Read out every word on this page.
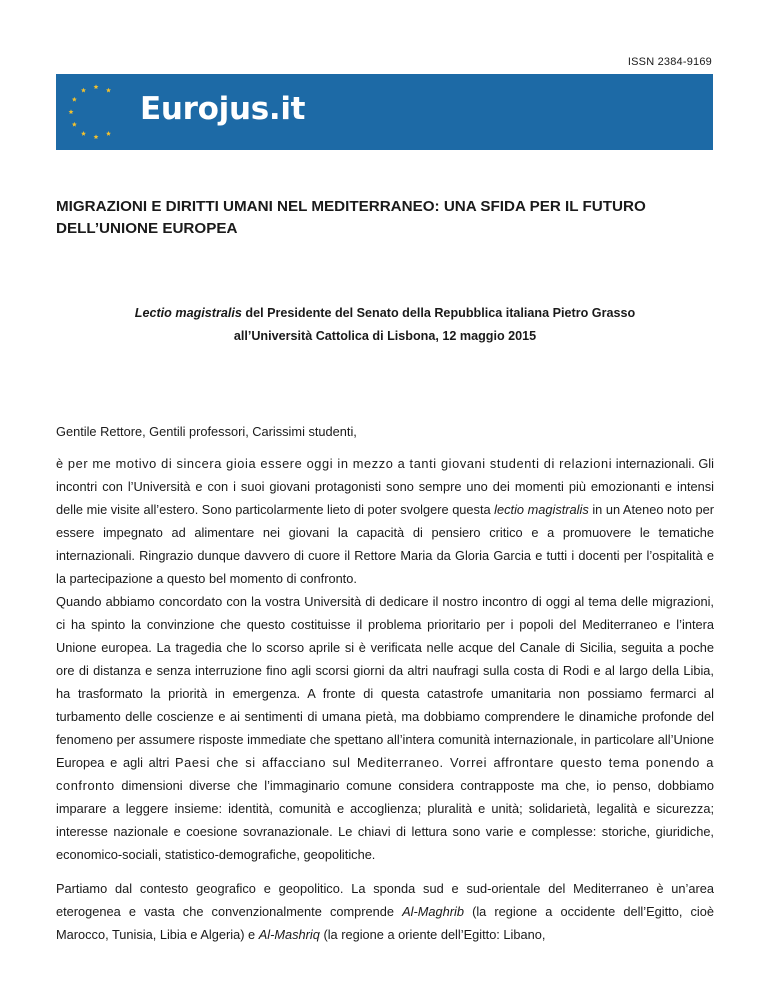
ISSN 2384-9169
Eurojus.it
MIGRAZIONI E DIRITTI UMANI NEL MEDITERRANEO: UNA SFIDA PER IL FUTURO
DELL’UNIONE EUROPEA

Lectio magistralis del Presidente del Senato della Repubblica italiana Pietro Grasso

all’Università Cattolica di Lisbona, 12 maggio 2015

Gentile Rettore, Gentili professori, Carissimi studenti,

è per me motivo di sincera gioia essere oggi in mezzo a tanti giovani studenti di relazioni internazionali. Gli incontri con l’Università e con i suoi giovani protagonisti sono sempre uno dei momenti più emozionanti e intensi delle mie visite all’estero. Sono particolarmente lieto di poter svolgere questa lectio magistralis in un Ateneo noto per essere impegnato ad alimentare nei giovani la capacità di pensiero critico e a promuovere le tematiche internazionali. Ringrazio dunque davvero di cuore il Rettore Maria da Gloria Garcia e tutti i docenti per l’ospitalità e la partecipazione a questo bel momento di confronto.

Quando abbiamo concordato con la vostra Università di dedicare il nostro incontro di oggi al tema delle migrazioni, ci ha spinto la convinzione che questo costituisse il problema prioritario per i popoli del Mediterraneo e l’intera Unione europea. La tragedia che lo scorso aprile si è verificata nelle acque del Canale di Sicilia, seguita a poche ore di distanza e senza interruzione fino agli scorsi giorni da altri naufragi sulla costa di Rodi e al largo della Libia, ha trasformato la priorità in emergenza. A fronte di questa catastrofe umanitaria non possiamo fermarci al turbamento delle coscienze e ai sentimenti di umana pietà, ma dobbiamo comprendere le dinamiche profonde del fenomeno per assumere risposte immediate che spettano all’intera comunità internazionale, in particolare all’Unione Europea e agli altri Paesi che si affacciano sul Mediterraneo. Vorrei affrontare questo tema ponendo a confronto dimensioni diverse che l’immaginario comune considera contrapposte ma che, io penso, dobbiamo imparare a leggere insieme: identità, comunità e accoglienza; pluralità e unità; solidarietà, legalità e sicurezza; interesse nazionale e coesione sovranazionale. Le chiavi di lettura sono varie e complesse: storiche, giuridiche, economico-sociali, statistico-demografiche, geopolitiche.

Partiamo dal contesto geografico e geopolitico. La sponda sud e sud-orientale del Mediterraneo è un’area eterogenea e vasta che convenzionalmente comprende Al-Maghrib (la regione a occidente dell’Egitto, cioè Marocco, Tunisia, Libia e Algeria) e Al-Mashriq (la regione a oriente dell’Egitto: Libano,
